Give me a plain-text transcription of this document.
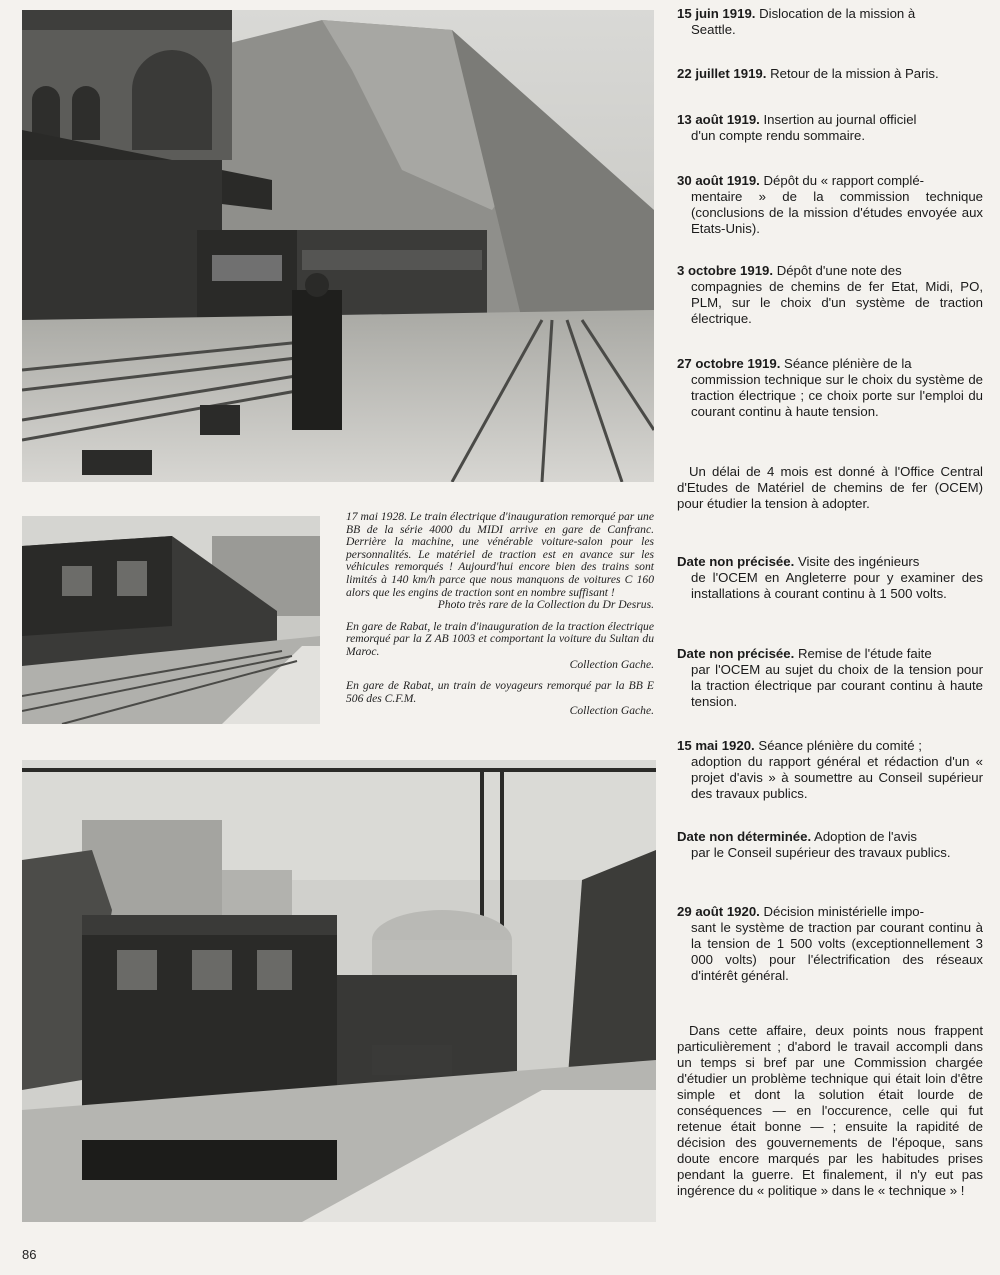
17 mai 1928. Le train électrique d'inauguration remorqué par une BB de la série 4000 du MIDI arrive en gare de Canfranc. Derrière la machine, une vénérable voiture-salon pour les personnalités. Le matériel de traction est en avance sur les véhicules remorqués ! Aujourd'hui encore bien des trains sont limités à 140 km/h parce que nous manquons de voitures C 160 alors que les engins de traction sont en nombre suffisant !
Photo très rare de la Collection du Dr Desrus.

En gare de Rabat, le train d'inauguration de la traction électrique remorqué par la Z AB 1003 et comportant la voiture du Sultan du Maroc.
Collection Gache.

En gare de Rabat, un train de voyageurs remorqué par la BB E 506 des C.F.M.
Collection Gache.

15 juin 1919. Dislocation de la mission à
Seattle.
22 juillet 1919. Retour de la mission à Paris.
13 août 1919. Insertion au journal officiel
d'un compte rendu sommaire.
30 août 1919. Dépôt du « rapport complé-
mentaire » de la commission technique (conclusions de la mission d'études envoyée aux Etats-Unis).
3 octobre 1919. Dépôt d'une note des
compagnies de chemins de fer Etat, Midi, PO, PLM, sur le choix d'un système de traction électrique.
27 octobre 1919. Séance plénière de la
commission technique sur le choix du système de traction électrique ; ce choix porte sur l'emploi du courant continu à haute tension.
Un délai de 4 mois est donné à l'Office Central d'Etudes de Matériel de chemins de fer (OCEM) pour étudier la tension à adopter.
Date non précisée. Visite des ingénieurs
de l'OCEM en Angleterre pour y examiner des installations à courant continu à 1 500 volts.
Date non précisée. Remise de l'étude faite
par l'OCEM au sujet du choix de la tension pour la traction électrique par courant continu à haute tension.
15 mai 1920. Séance plénière du comité ;
adoption du rapport général et rédaction d'un « projet d'avis » à soumettre au Conseil supérieur des travaux publics.
Date non déterminée. Adoption de l'avis
par le Conseil supérieur des travaux publics.
29 août 1920. Décision ministérielle impo-
sant le système de traction par courant continu à la tension de 1 500 volts (exceptionnellement 3 000 volts) pour l'électrification des réseaux d'intérêt général.
Dans cette affaire, deux points nous frappent particulièrement ; d'abord le travail accompli dans un temps si bref par une Commission chargée d'étudier un problème technique qui était loin d'être simple et dont la solution était lourde de conséquences — en l'occurence, celle qui fut retenue était bonne — ; ensuite la rapidité de décision des gouvernements de l'époque, sans doute encore marqués par les habitudes prises pendant la guerre. Et finalement, il n'y eut pas ingérence du « politique » dans le « technique » !
86
